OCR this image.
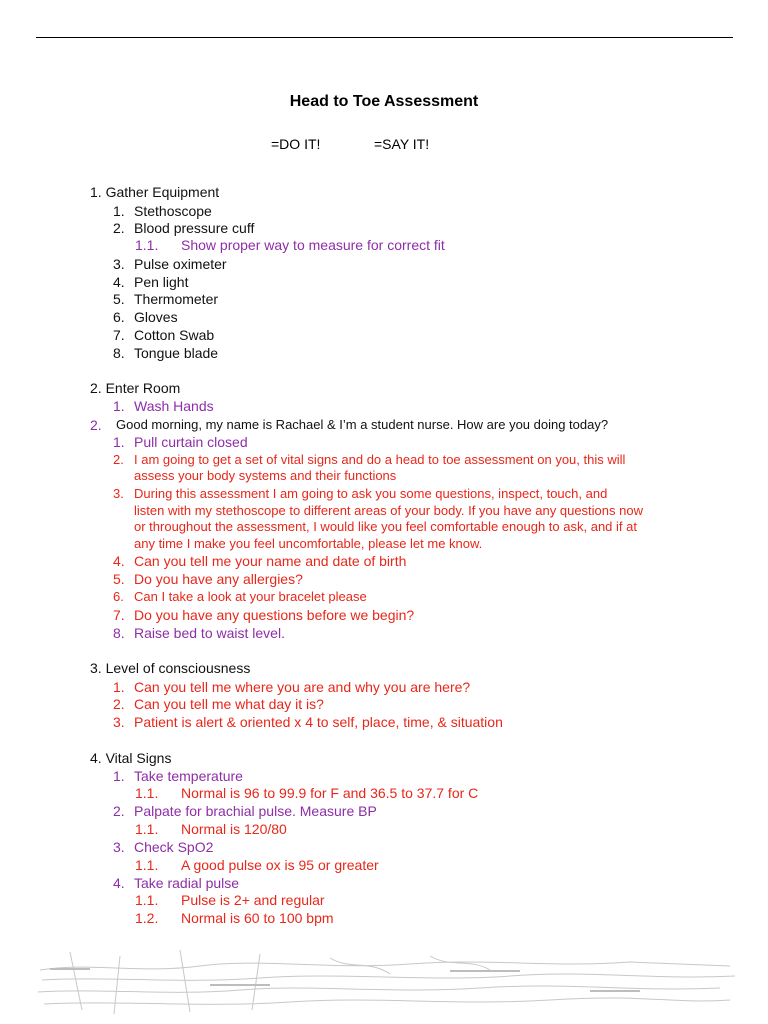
Head to Toe Assessment
=DO IT!	=SAY IT!
1. Gather Equipment
1. Stethoscope
2. Blood pressure cuff
1.1. Show proper way to measure for correct fit
3. Pulse oximeter
4. Pen light
5. Thermometer
6. Gloves
7. Cotton Swab
8. Tongue blade
2. Enter Room
1. Wash Hands
2. Good morning, my name is Rachael & I’m a student nurse. How are you doing today?
1. Pull curtain closed
2. I am going to get a set of vital signs and do a head to toe assessment on you, this will
assess your body systems and their functions
3. During this assessment I am going to ask you some questions, inspect, touch, and
listen with my stethoscope to different areas of your body. If you have any questions now
or throughout the assessment, I would like you feel comfortable enough to ask, and if at
any time I make you feel uncomfortable, please let me know.
4. Can you tell me your name and date of birth
5. Do you have any allergies?
6. Can I take a look at your bracelet please
7. Do you have any questions before we begin?
8. Raise bed to waist level.
3. Level of consciousness
1. Can you tell me where you are and why you are here?
2. Can you tell me what day it is?
3. Patient is alert & oriented x 4 to self, place, time, & situation
4. Vital Signs
1. Take temperature
1.1. Normal is 96 to 99.9 for F and 36.5 to 37.7 for C
2. Palpate for brachial pulse. Measure BP
1.1. Normal is 120/80
3. Check SpO2
1.1. A good pulse ox is 95 or greater
4. Take radial pulse
1.1. Pulse is 2+ and regular
1.2. Normal is 60 to 100 bpm
